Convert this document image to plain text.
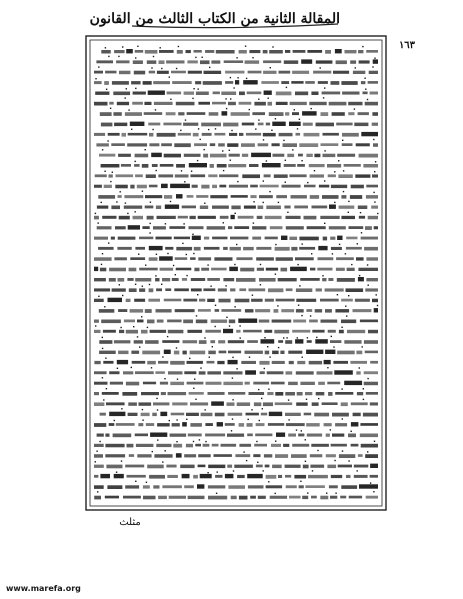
المقالة الثانية من الكتاب الثالث من القانون
١٦٣
مثلث
www.marefa.org
